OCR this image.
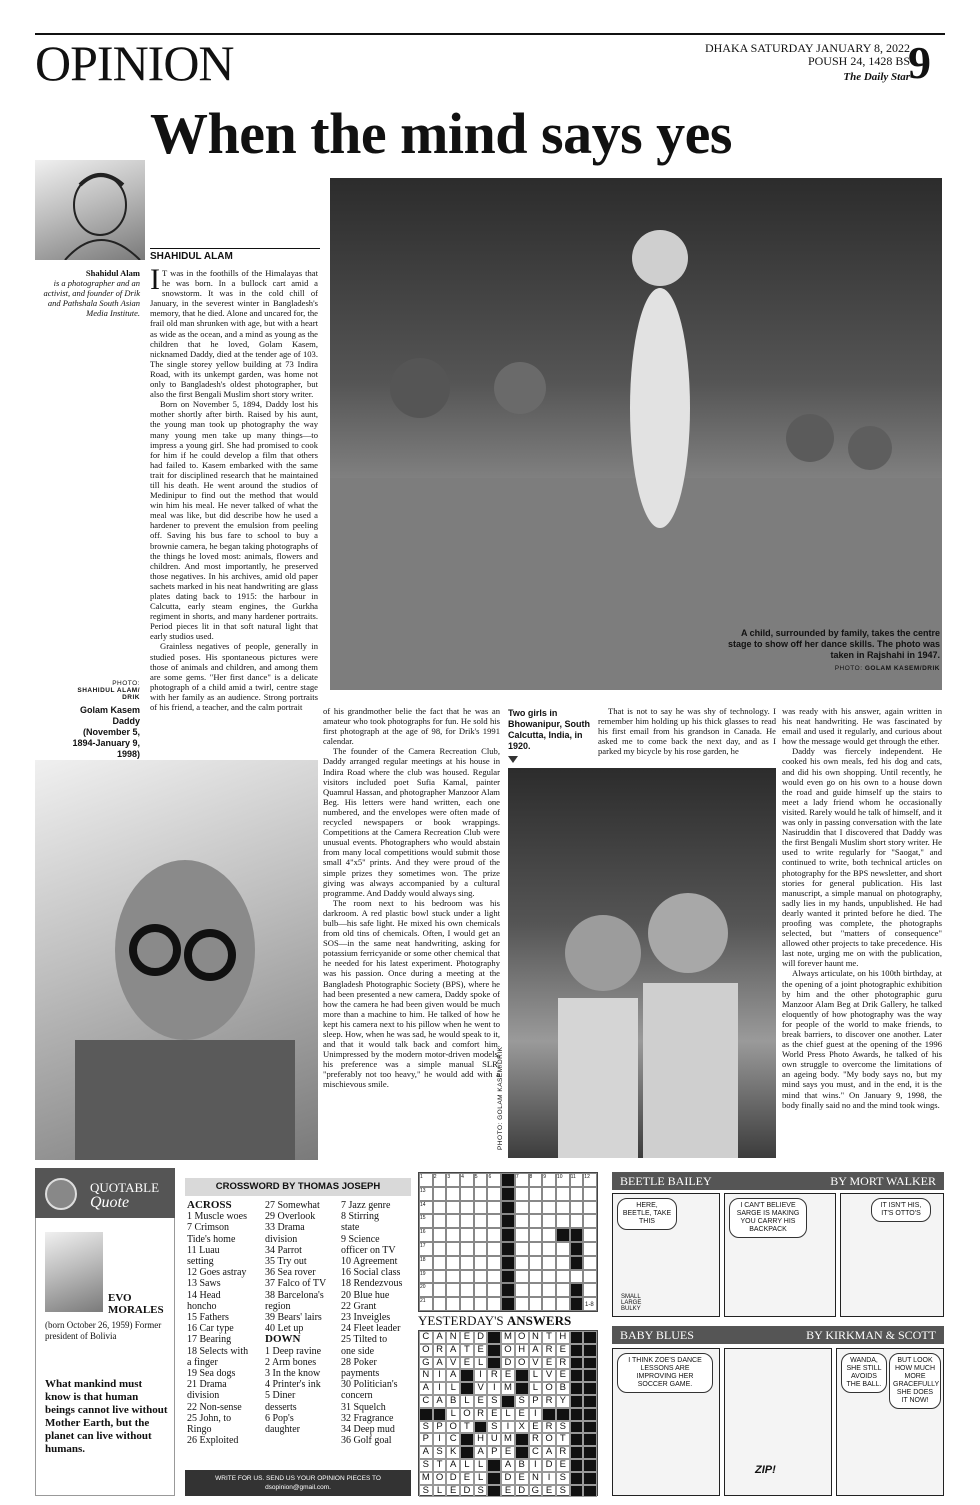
OPINION	DHAKA SATURDAY JANUARY 8, 2022
POUSH 24, 1428 BS
The Daily Star
9
When the mind says yes
SHAHIDUL ALAM
Shahidul Alam
is a photographer and an activist, and founder of Drik and Pathshala South Asian Media Institute.
A child, surrounded by family, takes the centre stage to show off her dance skills. The photo was taken in Rajshahi in 1947.
PHOTO: GOLAM KASEM/DRIK
I T was in the foothills of the Himalayas that he was born. In a bullock cart amid a snowstorm. It was in the cold chill of January, in the severest winter in Bangladesh's memory, that he died. Alone and uncared for, the frail old man shrunken with age, but with a heart as wide as the ocean, and a mind as young as the children that he loved, Golam Kasem, nicknamed Daddy, died at the tender age of 103. The single storey yellow building at 73 Indira Road, with its unkempt garden, was home not only to Bangladesh's oldest photographer, but also the first Bengali Muslim short story writer.

Born on November 5, 1894, Daddy lost his mother shortly after birth. Raised by his aunt, the young man took up photography the way many young men take up many things—to impress a young girl. She had promised to cook for him if he could develop a film that others had failed to. Kasem embarked with the same trait for disciplined research that he maintained till his death. He went around the studios of Medinipur to find out the method that would win him his meal. He never talked of what the meal was like, but did describe how he used a hardener to prevent the emulsion from peeling off. Saving his bus fare to school to buy a brownie camera, he began taking photographs of the things he loved most: animals, flowers and children. And most importantly, he preserved those negatives. In his archives, amid old paper sachets marked in his neat handwriting are glass plates dating back to 1915: the harbour in Calcutta, early steam engines, the Gurkha regiment in shorts, and many hardener portraits. Period pieces lit in that soft natural light that early studios used.

Grainless negatives of people, generally in studied poses. His spontaneous pictures were those of animals and children, and among them are some gems. "Her first dance" is a delicate photograph of a child amid a twirl, centre stage with her family as an audience. Strong portraits of his friend, a teacher, and the calm portrait

PHOTO:
SHAHIDUL ALAM/ DRIK
Golam Kasem Daddy (November 5, 1894-January 9, 1998)

of his grandmother belie the fact that he was an amateur who took photographs for fun. He sold his first photograph at the age of 98, for Drik's 1991 calendar.

The founder of the Camera Recreation Club, Daddy arranged regular meetings at his house in Indira Road where the club was housed. Regular visitors included poet Sufia Kamal, painter Quamrul Hassan, and photographer Manzoor Alam Beg. His letters were hand written, each one numbered, and the envelopes were often made of recycled newspapers or book wrappings. Competitions at the Camera Recreation Club were unusual events. Photographers who would abstain from many local competitions would submit those small 4"x5" prints. And they were proud of the simple prizes they sometimes won. The prize giving was always accompanied by a cultural programme. And Daddy would always sing.

The room next to his bedroom was his darkroom. A red plastic bowl stuck under a light bulb—his safe light. He mixed his own chemicals from old tins of chemicals. Often, I would get an SOS—in the same neat handwriting, asking for potassium ferricyanide or some other chemical that he needed for his latest experiment. Photography was his passion. Once during a meeting at the Bangladesh Photographic Society (BPS), where he had been presented a new camera, Daddy spoke of how the camera he had been given would be much more than a machine to him. He talked of how he kept his camera next to his pillow when he went to sleep. How, when he was sad, he would speak to it, and that it would talk back and comfort him. Unimpressed by the modern motor-driven models, his preference was a simple manual SLR, "preferably not too heavy," he would add with a mischievous smile.

Two girls in Bhowanipur, South Calcutta, India, in 1920.

That is not to say he was shy of technology. I remember him holding up his thick glasses to read his first email from his grandson in Canada. He asked me to come back the next day, and as I parked my bicycle by his rose garden, he

PHOTO: GOLAM KASEM/DRIK

was ready with his answer, again written in his neat handwriting. He was fascinated by email and used it regularly, and curious about how the message would get through the ether.

Daddy was fiercely independent. He cooked his own meals, fed his dog and cats, and did his own shopping. Until recently, he would even go on his own to a house down the road and guide himself up the stairs to meet a lady friend whom he occasionally visited. Rarely would he talk of himself, and it was only in passing conversation with the late Nasiruddin that I discovered that Daddy was the first Bengali Muslim short story writer. He used to write regularly for "Saogat," and continued to write, both technical articles on photography for the BPS newsletter, and short stories for general publication. His last manuscript, a simple manual on photography, sadly lies in my hands, unpublished. He had dearly wanted it printed before he died. The proofing was complete, the photographs selected, but "matters of consequence" allowed other projects to take precedence. His last note, urging me on with the publication, will forever haunt me.

Always articulate, on his 100th birthday, at the opening of a joint photographic exhibition by him and the other photographic guru Manzoor Alam Beg at Drik Gallery, he talked eloquently of how photography was the way for people of the world to make friends, to break barriers, to discover one another. Later as the chief guest at the opening of the 1996 World Press Photo Awards, he talked of his own struggle to overcome the limitations of an ageing body. "My body says no, but my mind says you must, and in the end, it is the mind that wins." On January 9, 1998, the body finally said no and the mind took wings.

QUOTABLE
Quote
EVO
MORALES
(born October 26, 1959) Former president of Bolivia
What mankind must know is that human beings cannot live without Mother Earth, but the planet can live without humans.
CROSSWORD BY THOMAS JOSEPH
ACROSS
1 Muscle woes
7 Crimson
Tide's home
11 Luau
setting
12 Goes astray
13 Saws
14 Head
honcho
15 Fathers
16 Car type
17 Bearing
18 Selects with
a finger
19 Sea dogs
21 Drama
division
22 Non-sense
25 John, to
Ringo
26 Exploited
27 Somewhat
29 Overlook
33 Drama
division
34 Parrot
35 Try out
36 Sea rover
37 Falco of TV
38 Barcelona's
region
39 Bears' lairs
40 Let up
DOWN
1 Deep ravine
2 Arm bones
3 In the know
4 Printer's ink
5 Diner
desserts
6 Pop's
daughter
7 Jazz genre
8 Stirring
state
9 Science
officer on TV
10 Agreement
16 Social class
18 Rendezvous
20 Blue hue
22 Grant
23 Inveigles
24 Fleet leader
25 Tilted to
one side
28 Poker
payments
30 Politician's
concern
31 Squelch
32 Fragrance
34 Deep mud
36 Golf goal
WRITE FOR US. SEND US YOUR OPINION PIECES TO
dsopinion@gmail.com.
1	2	3	4	5	6	7	8	9	10	11	12
13
14
15
16
17
18
19
20
21
1-8
YESTERDAY'S ANSWERS
C A N E D	M O N T H
O R A T E	O H A R E
G A V E L	D O V E R
N I A	I R E	L V E
A I	L	V I M	L O B
C A B L E S	S P R Y
L O R E L E I
S P O T	S I X E R S
P I C	H U M	R O T
A S K	A P E	C A R
S T A L L	A B I D E
M O D E L	D E N I S
S L E D S	E D G E S
BEETLE BAILEY	BY MORT WALKER
HERE, BEETLE, TAKE THIS
SMALL LARGE BULKY
I CAN'T BELIEVE SARGE IS MAKING YOU CARRY HIS BACKPACK
IT ISN'T HIS, IT'S OTTO'S
BABY BLUES	BY KIRKMAN & SCOTT
I THINK ZOE'S DANCE LESSONS ARE IMPROVING HER SOCCER GAME.
ZIP!
WANDA, SHE STILL AVOIDS THE BALL.
BUT LOOK HOW MUCH MORE GRACEFULLY SHE DOES IT NOW!
